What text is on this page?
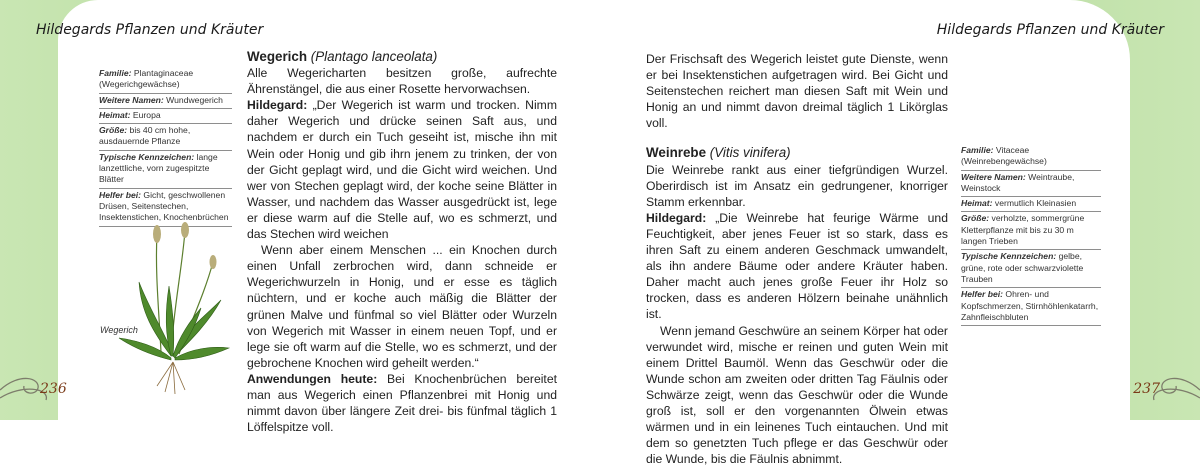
Hildegards Pflanzen und Kräuter	Hildegards Pflanzen und Kräuter
Familie: Plantaginaceae (Wegerichgewächse)
Weitere Namen: Wundwegerich
Heimat: Europa
Größe: bis 40 cm hohe, ausdauernde Pflanze
Typische Kennzeichen: lange lanzettliche, vorn zugespitzte Blätter
Helfer bei: Gicht, geschwollenen Drüsen, Seitenstechen, Insektenstichen, Knochenbrüchen
Wegerich

Wegerich (Plantago lanceolata)

Alle Wegericharten besitzen große, aufrechte Ährenstängel, die aus einer Rosette hervorwachsen.

Hildegard: „Der Wegerich ist warm und trocken. Nimm daher Wegerich und drücke seinen Saft aus, und nachdem er durch ein Tuch geseiht ist, mische ihn mit Wein oder Honig und gib ihrn jenem zu trinken, der von der Gicht geplagt wird, und die Gicht wird weichen. Und wer von Stechen geplagt wird, der koche seine Blätter in Wasser, und nachdem das Wasser ausgedrückt ist, lege er diese warm auf die Stelle auf, wo es schmerzt, und das Stechen wird weichen

Wenn aber einem Menschen ... ein Knochen durch einen Unfall zerbrochen wird, dann schneide er Wegerichwurzeln in Honig, und er esse es täglich nüchtern, und er koche auch mäßig die Blätter der grünen Malve und fünfmal so viel Blätter oder Wurzeln von Wegerich mit Wasser in einem neuen Topf, und er lege sie oft warm auf die Stelle, wo es schmerzt, und der gebrochene Knochen wird geheilt werden.“

Anwendungen heute: Bei Knochenbrüchen bereitet man aus Wegerich einen Pflanzenbrei mit Honig und nimmt davon über längere Zeit drei- bis fünfmal täglich 1 Löffelspitze voll.

Der Frischsaft des Wegerich leistet gute Dienste, wenn er bei Insektenstichen aufgetragen wird. Bei Gicht und Seitenstechen reichert man diesen Saft mit Wein und Honig an und nimmt davon dreimal täglich 1 Likörglas voll.

Weinrebe (Vitis vinifera)

Die Weinrebe rankt aus einer tiefgründigen Wurzel. Oberirdisch ist im Ansatz ein gedrungener, knorriger Stamm erkennbar.

Hildegard: „Die Weinrebe hat feurige Wärme und Feuchtigkeit, aber jenes Feuer ist so stark, dass es ihren Saft zu einem anderen Geschmack umwandelt, als ihn andere Bäume oder andere Kräuter haben. Daher macht auch jenes große Feuer ihr Holz so trocken, dass es anderen Hölzern beinahe unähnlich ist.

Wenn jemand Geschwüre an seinem Körper hat oder verwundet wird, mische er reinen und guten Wein mit einem Drittel Baumöl. Wenn das Geschwür oder die Wunde schon am zweiten oder dritten Tag Fäulnis oder Schwärze zeigt, wenn das Geschwür oder die Wunde groß ist, soll er den vorgenannten Ölwein etwas wärmen und in ein leinenes Tuch eintauchen. Und mit dem so genetzten Tuch pflege er das Geschwür oder die Wunde, bis die Fäulnis abnimmt.

Familie: Vitaceae (Weinrebengewächse)
Weitere Namen: Weintraube, Weinstock
Heimat: vermutlich Kleinasien
Größe: verholzte, sommergrüne Kletterpflanze mit bis zu 30 m langen Trieben
Typische Kennzeichen: gelbe, grüne, rote oder schwarzviolette Trauben
Helfer bei: Ohren- und Kopfschmerzen, Stirnhöhlenkatarrh, Zahnfleischbluten
236	237
